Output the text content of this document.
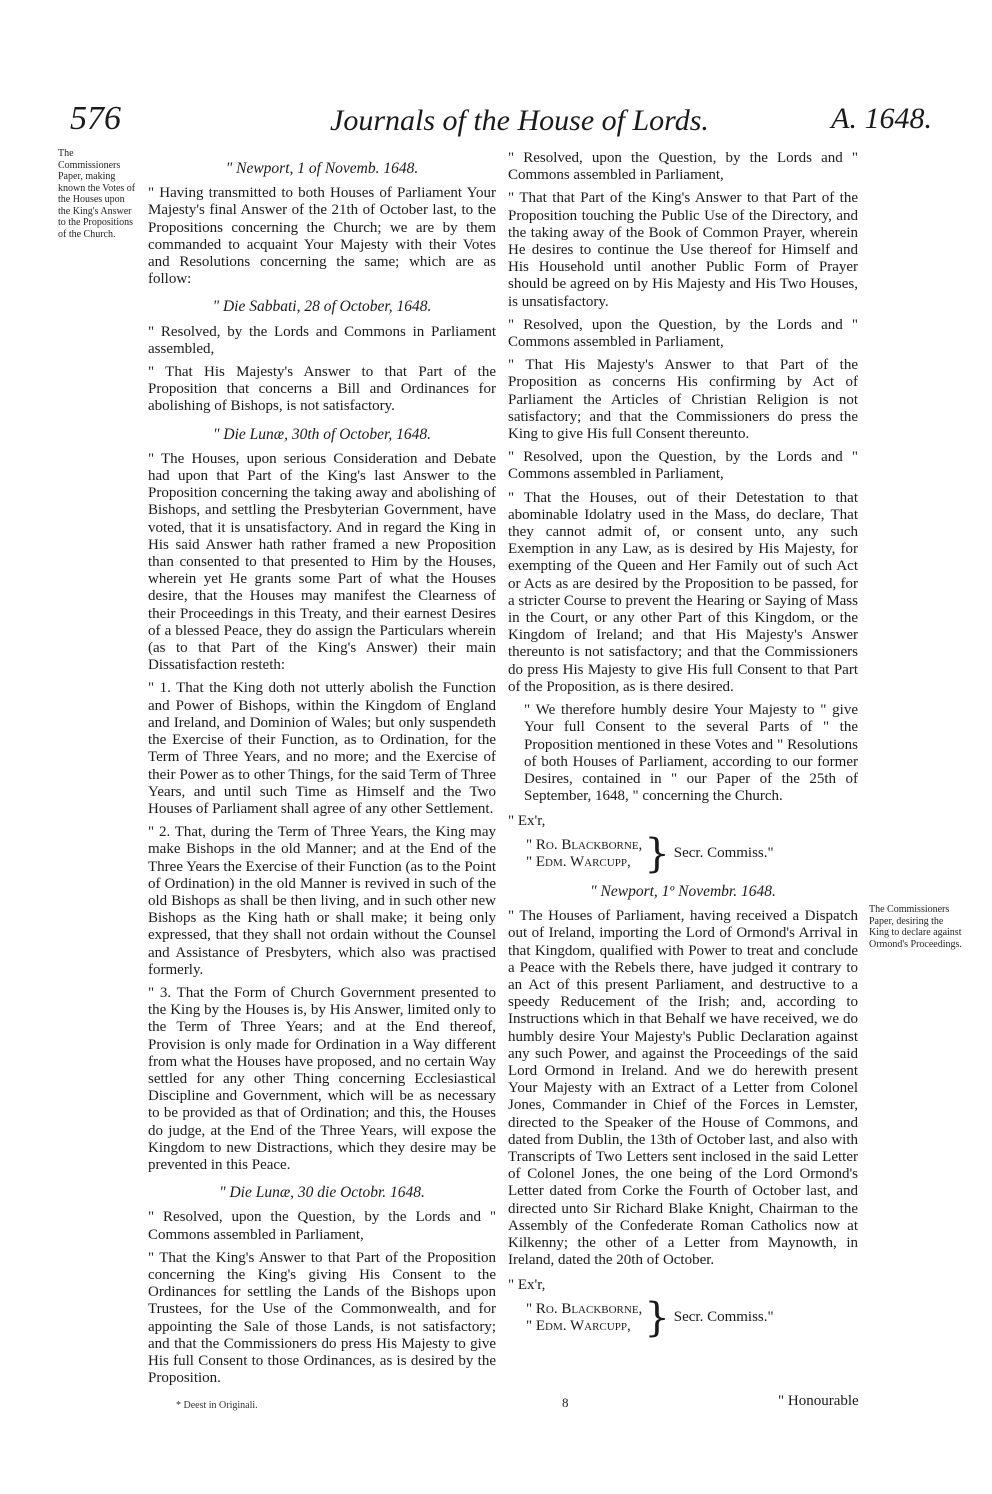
576	Journals of the House of Lords.	A. 1648.
The Commissioners Paper, making known the Votes of the Houses upon the King's Answer to the Propositions of the Church.

" Newport, 1 of Novemb. 1648.

" Having transmitted to both Houses of Parliament Your Majesty's final Answer of the 21th of October last, to the Propositions concerning the Church; we are by them commanded to acquaint Your Majesty with their Votes and Resolutions concerning the same; which are as follow:

" Die Sabbati, 28 of October, 1648.

" Resolved, by the Lords and Commons in Parliament assembled,

" That His Majesty's Answer to that Part of the Proposition that concerns a Bill and Ordinances for abolishing of Bishops, is not satisfactory.

" Die Lunæ, 30th of October, 1648.

" The Houses, upon serious Consideration and Debate had upon that Part of the King's last Answer to the Proposition concerning the taking away and abolishing of Bishops, and settling the Presbyterian Government, have voted, that it is unsatisfactory. And in regard the King in His said Answer hath rather framed a new Proposition than consented to that presented to Him by the Houses, wherein yet He grants some Part of what the Houses desire, that the Houses may manifest the Clearness of their Proceedings in this Treaty, and their earnest Desires of a blessed Peace, they do assign the Particulars wherein (as to that Part of the King's Answer) their main Dissatisfaction resteth:

" 1. That the King doth not utterly abolish the Function and Power of Bishops, within the Kingdom of England and Ireland, and Dominion of Wales; but only suspendeth the Exercise of their Function, as to Ordination, for the Term of Three Years, and no more; and the Exercise of their Power as to other Things, for the said Term of Three Years, and until such Time as Himself and the Two Houses of Parliament shall agree of any other Settlement.

" 2. That, during the Term of Three Years, the King may make Bishops in the old Manner; and at the End of the Three Years the Exercise of their Function (as to the Point of Ordination) in the old Manner is revived in such of the old Bishops as shall be then living, and in such other new Bishops as the King hath or shall make; it being only expressed, that they shall not ordain without the Counsel and Assistance of Presbyters, which also was practised formerly.

" 3. That the Form of Church Government presented to the King by the Houses is, by His Answer, limited only to the Term of Three Years; and at the End thereof, Provision is only made for Ordination in a Way different from what the Houses have proposed, and no certain Way settled for any other Thing concerning Ecclesiastical Discipline and Government, which will be as necessary to be provided as that of Ordination; and this, the Houses do judge, at the End of the Three Years, will expose the Kingdom to new Distractions, which they desire may be prevented in this Peace.

" Die Lunæ, 30 die Octobr. 1648.

" Resolved, upon the Question, by the Lords and " Commons assembled in Parliament,

" That the King's Answer to that Part of the Proposition concerning the King's giving His Consent to the Ordinances for settling the Lands of the Bishops upon Trustees, for the Use of the Commonwealth, and for appointing the Sale of those Lands, is not satisfactory; and that the Commissioners do press His Majesty to give His full Consent to those Ordinances, as is desired by the Proposition.

" Resolved, upon the Question, by the Lords and " Commons assembled in Parliament,

" That that Part of the King's Answer to that Part of the Proposition touching the Public Use of the Directory, and the taking away of the Book of Common Prayer, wherein He desires to continue the Use thereof for Himself and His Household until another Public Form of Prayer should be agreed on by His Majesty and His Two Houses, is unsatisfactory.

" Resolved, upon the Question, by the Lords and " Commons assembled in Parliament,

" That His Majesty's Answer to that Part of the Proposition as concerns His confirming by Act of Parliament the Articles of Christian Religion is not satisfactory; and that the Commissioners do press the King to give His full Consent thereunto.

" Resolved, upon the Question, by the Lords and " Commons assembled in Parliament,

" That the Houses, out of their Detestation to that abominable Idolatry used in the Mass, do declare, That they cannot admit of, or consent unto, any such Exemption in any Law, as is desired by His Majesty, for exempting of the Queen and Her Family out of such Act or Acts as are desired by the Proposition to be passed, for a stricter Course to prevent the Hearing or Saying of Mass in the Court, or any other Part of this Kingdom, or the Kingdom of Ireland; and that His Majesty's Answer thereunto is not satisfactory; and that the Commissioners do press His Majesty to give His full Consent to that Part of the Proposition, as is there desired.

" We therefore humbly desire Your Majesty to " give Your full Consent to the several Parts of " the Proposition mentioned in these Votes and " Resolutions of both Houses of Parliament, according to our former Desires, contained in " our Paper of the 25th of September, 1648, " concerning the Church.

" Ex'r,

" Ro. Blackborne,
" Edm. Warcupp, } Secr. Commiss."

" Newport, 1º Novembr. 1648.

" The Houses of Parliament, having received a Dispatch out of Ireland, importing the Lord of Ormond's Arrival in that Kingdom, qualified with Power to treat and conclude a Peace with the Rebels there, have judged it contrary to an Act of this present Parliament, and destructive to a speedy Reducement of the Irish; and, according to Instructions which in that Behalf we have received, we do humbly desire Your Majesty's Public Declaration against any such Power, and against the Proceedings of the said Lord Ormond in Ireland. And we do herewith present Your Majesty with an Extract of a Letter from Colonel Jones, Commander in Chief of the Forces in Lemster, directed to the Speaker of the House of Commons, and dated from Dublin, the 13th of October last, and also with Transcripts of Two Letters sent inclosed in the said Letter of Colonel Jones, the one being of the Lord Ormond's Letter dated from Corke the Fourth of October last, and directed unto Sir Richard Blake Knight, Chairman to the Assembly of the Confederate Roman Catholics now at Kilkenny; the other of a Letter from Maynowth, in Ireland, dated the 20th of October.

" Ex'r,

" Ro. Blackborne,
" Edm. Warcupp, } Secr. Commiss."
The Commissioners Paper, desiring the King to declare against Ormond's Proceedings.
* Deest in Originali.	8	" Honourable
